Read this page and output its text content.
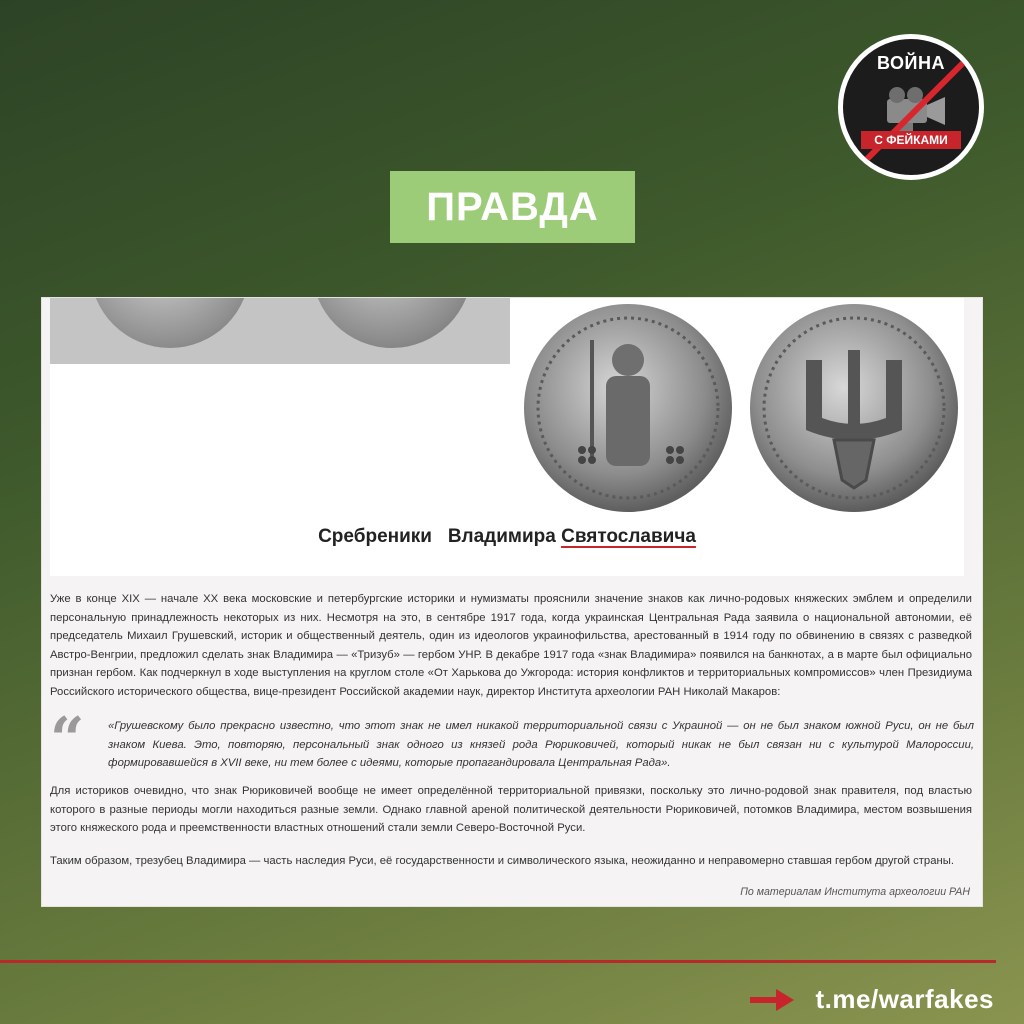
ВОЙНА
С ФЕЙКАМИ
ПРАВДА
Сребреники   Владимира Святославича
Уже в конце XIX — начале XX века московские и петербургские историки и нумизматы прояснили значение знаков как лично-родовых княжеских эмблем и определили персональную принадлежность некоторых из них. Несмотря на это, в сентябре 1917 года, когда украинская Центральная Рада заявила о национальной автономии, её председатель Михаил Грушевский, историк и общественный деятель, один из идеологов украинофильства, арестованный в 1914 году по обвинению в связях с разведкой Австро-Венгрии, предложил сделать знак Владимира — «Тризуб» — гербом УНР. В декабре 1917 года «знак Владимира» появился на банкнотах, а в марте был официально признан гербом. Как подчеркнул в ходе выступления на круглом столе «От Харькова до Ужгорода: история конфликтов и территориальных компромиссов» член Президиума Российского исторического общества, вице-президент Российской академии наук, директор Института археологии РАН Николай Макаров:
“ «Грушевскому было прекрасно известно, что этот знак не имел никакой территориальной связи с Украиной — он не был знаком южной Руси, он не был знаком Киева. Это, повторяю, персональный знак одного из князей рода Рюриковичей, который никак не был связан ни с культурой Малороссии, формировавшейся в XVII веке, ни тем более с идеями, которые пропагандировала Центральная Рада».
Для историков очевидно, что знак Рюриковичей вообще не имеет определённой территориальной привязки, поскольку это лично-родовой знак правителя, под властью которого в разные периоды могли находиться разные земли. Однако главной ареной политической деятельности Рюриковичей, потомков Владимира, местом возвышения этого княжеского рода и преемственности властных отношений стали земли Северо-Восточной Руси.
Таким образом, трезубец Владимира — часть наследия Руси, её государственности и символического языка, неожиданно и неправомерно ставшая гербом другой страны.
По материалам Института археологии РАН
t.me/warfakes
